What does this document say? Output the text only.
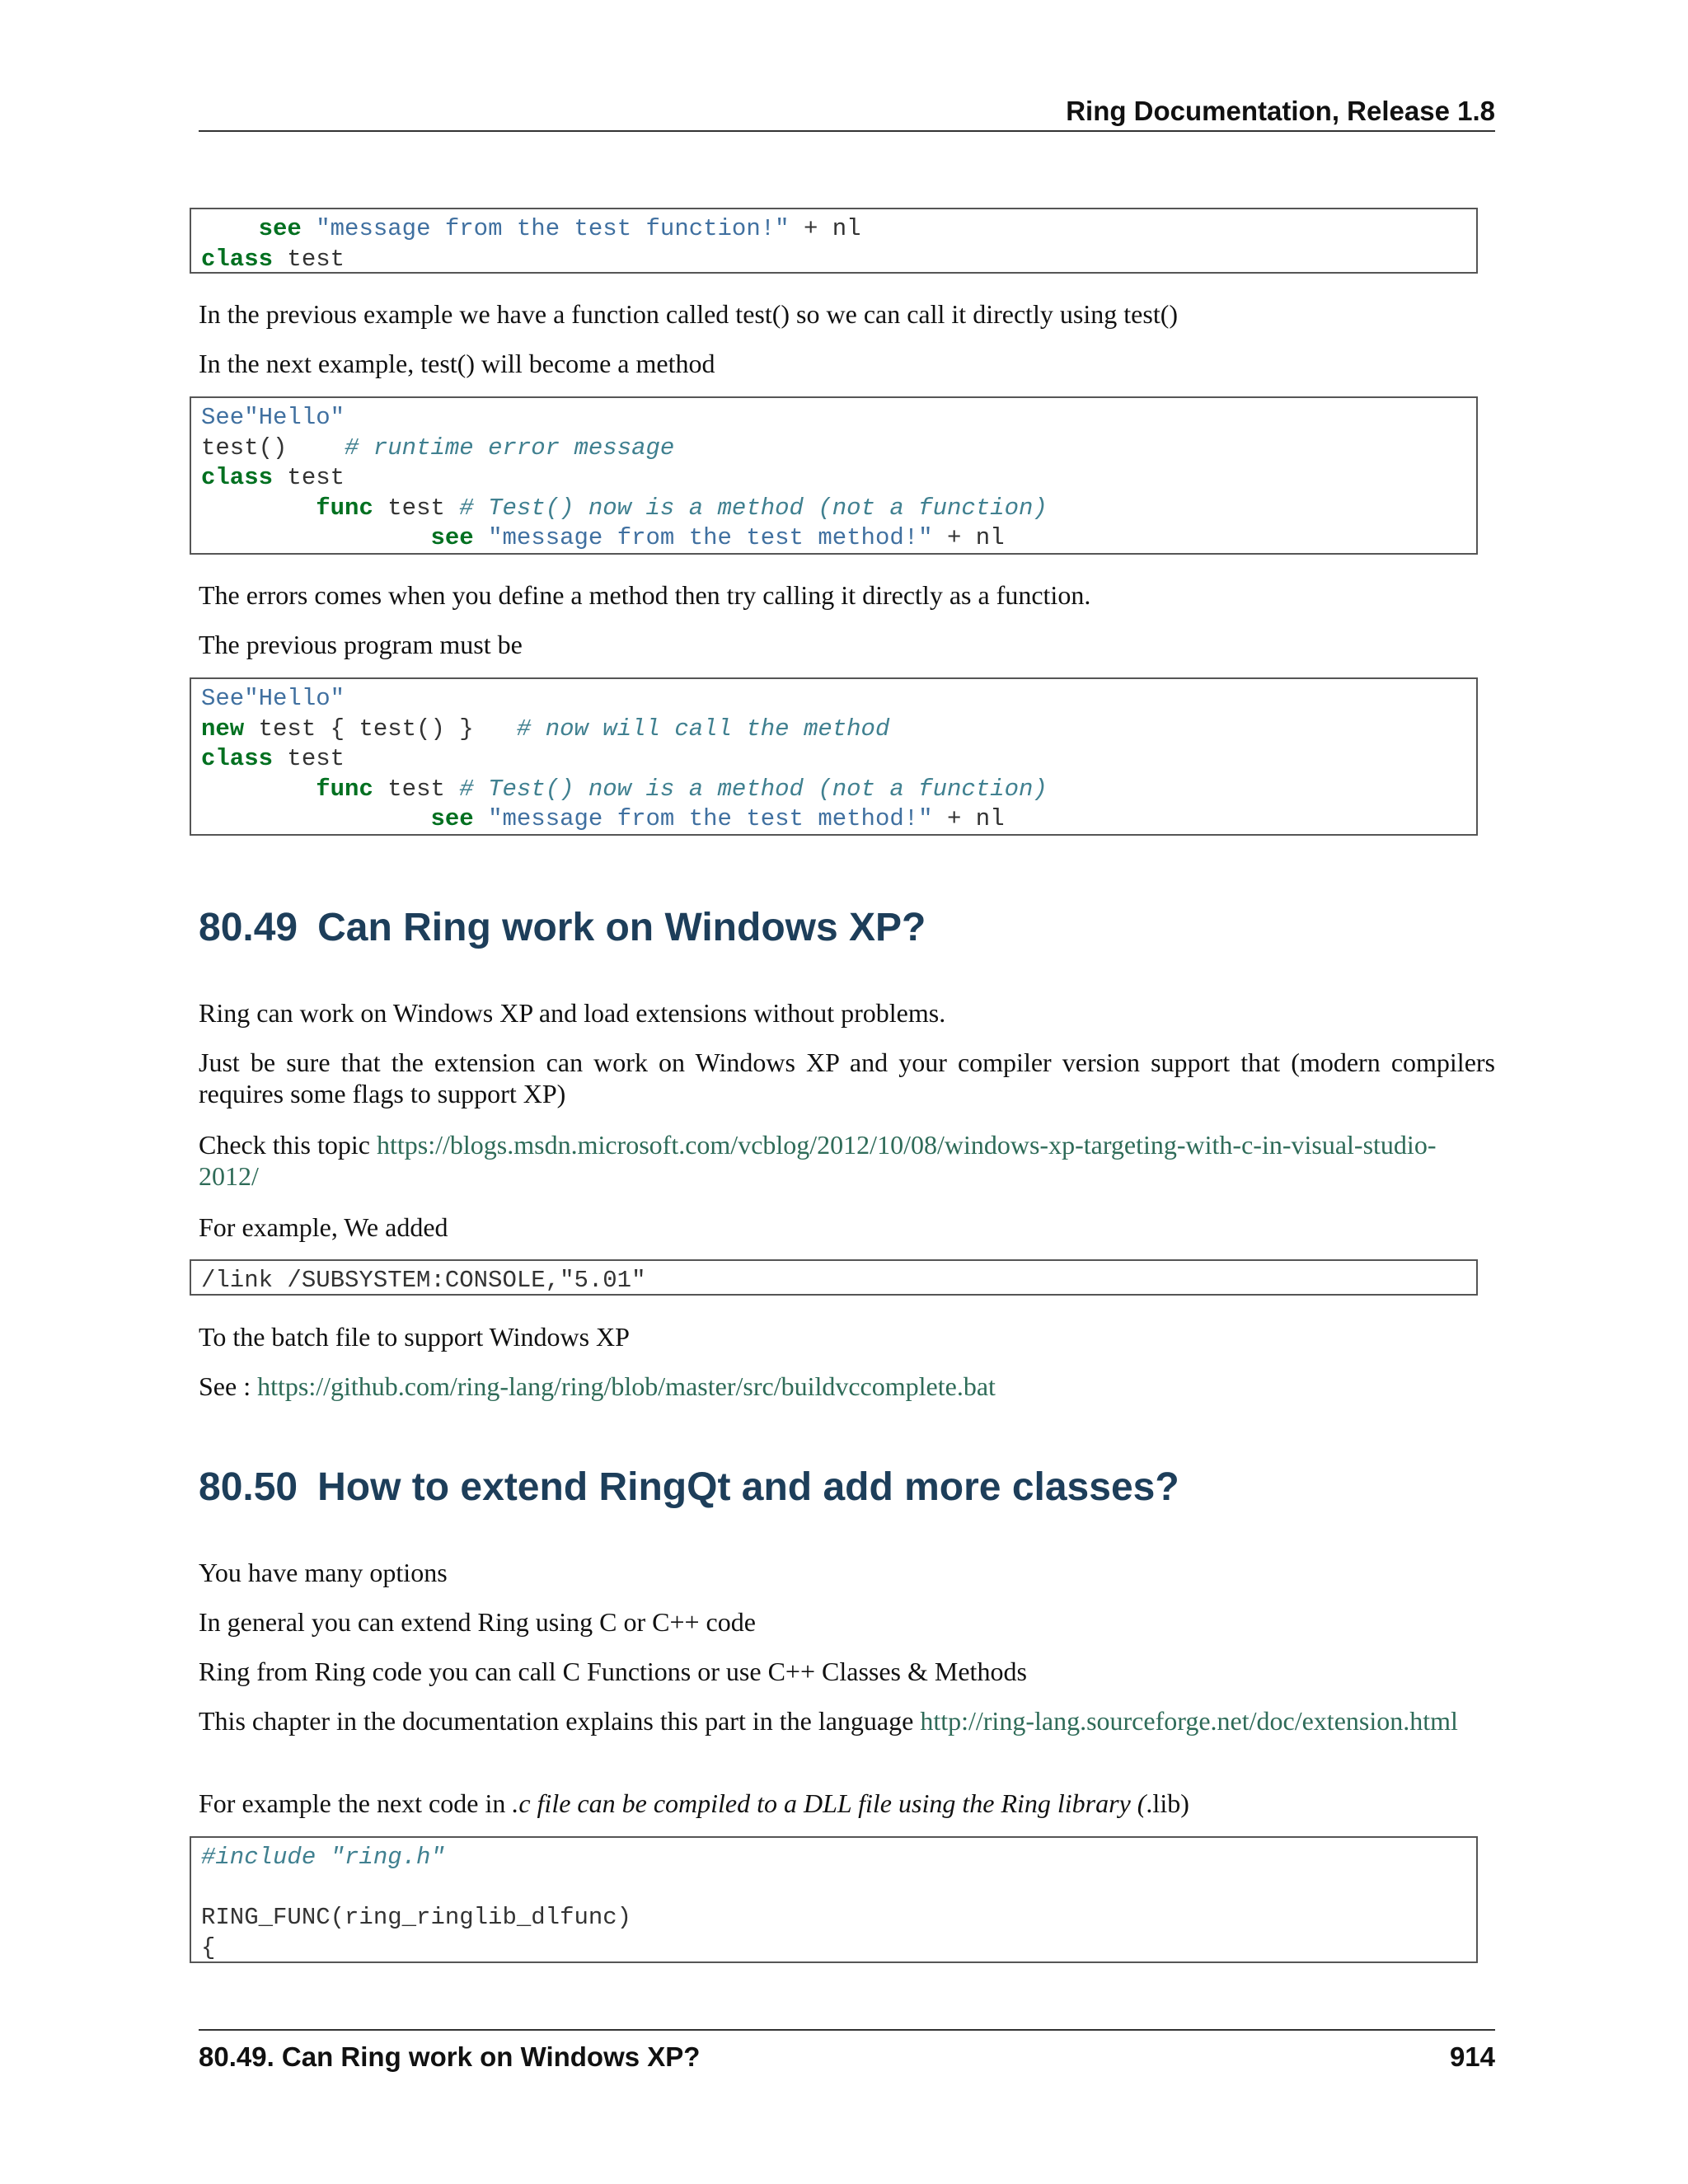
Ring Documentation, Release 1.8
see "message from the test function!" + nl
class test

In the previous example we have a function called test() so we can call it directly using test()

In the next example, test() will become a method

See"Hello"
test() # runtime error message
class test
func test # Test() now is a method (not a function)
see "message from the test method!" + nl

The errors comes when you define a method then try calling it directly as a function.

The previous program must be

See"Hello"
new test { test() } # now will call the method
class test
func test # Test() now is a method (not a function)
see "message from the test method!" + nl
80.49 Can Ring work on Windows XP?

Ring can work on Windows XP and load extensions without problems.

Just be sure that the extension can work on Windows XP and your compiler version support that (modern compilers requires some flags to support XP)

Check this topic https://blogs.msdn.microsoft.com/vcblog/2012/10/08/windows-xp-targeting-with-c-in-visual-studio-2012/

For example, We added

/link /SUBSYSTEM:CONSOLE,"5.01"

To the batch file to support Windows XP

See : https://github.com/ring-lang/ring/blob/master/src/buildvccomplete.bat

80.50 How to extend RingQt and add more classes?

You have many options

In general you can extend Ring using C or C++ code

Ring from Ring code you can call C Functions or use C++ Classes & Methods

This chapter in the documentation explains this part in the language http://ring-lang.sourceforge.net/doc/extension.html

For example the next code in .c file can be compiled to a DLL file using the Ring library (.lib)

#include "ring.h"

RING_FUNC(ring_ringlib_dlfunc)
{
80.49. Can Ring work on Windows XP?	914
